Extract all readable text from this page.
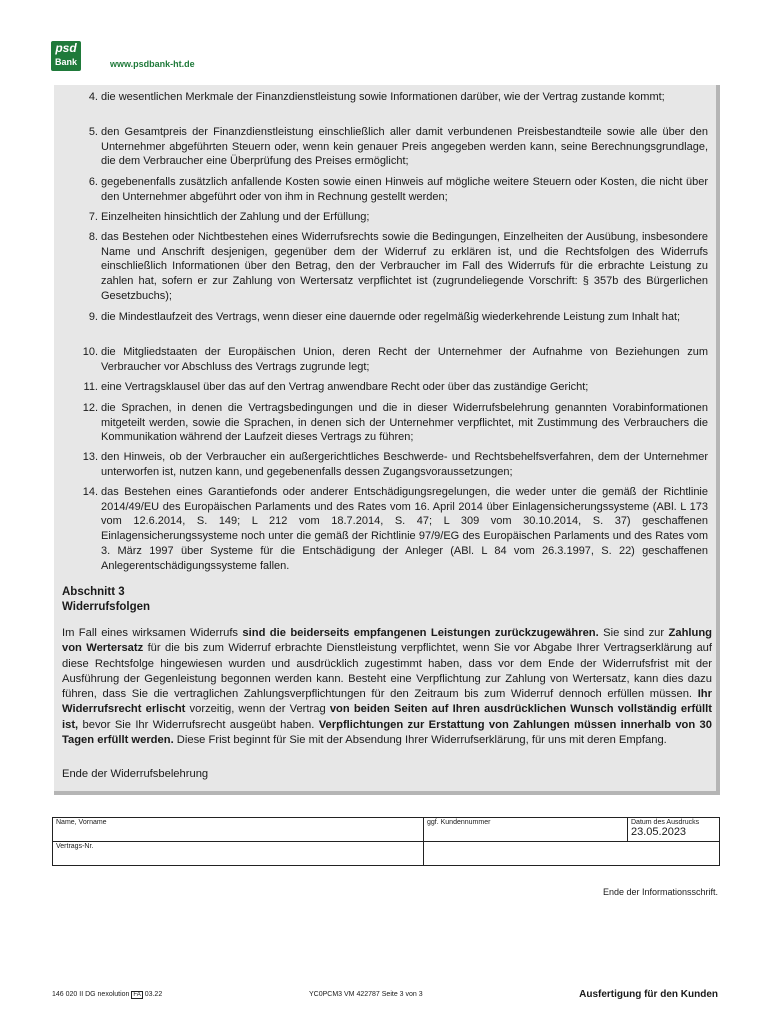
psd
Bank	www.psdbank-ht.de
4. die wesentlichen Merkmale der Finanzdienstleistung sowie Informationen darüber, wie der Vertrag zustande kommt;
5. den Gesamtpreis der Finanzdienstleistung einschließlich aller damit verbundenen Preisbestandteile sowie alle über den Unternehmer abgeführten Steuern oder, wenn kein genauer Preis angegeben werden kann, seine Berechnungsgrundlage, die dem Verbraucher eine Überprüfung des Preises ermöglicht;
6. gegebenenfalls zusätzlich anfallende Kosten sowie einen Hinweis auf mögliche weitere Steuern oder Kosten, die nicht über den Unternehmer abgeführt oder von ihm in Rechnung gestellt werden;
7. Einzelheiten hinsichtlich der Zahlung und der Erfüllung;
8. das Bestehen oder Nichtbestehen eines Widerrufsrechts sowie die Bedingungen, Einzelheiten der Ausübung, insbesondere Name und Anschrift desjenigen, gegenüber dem der Widerruf zu erklären ist, und die Rechtsfolgen des Widerrufs einschließlich Informationen über den Betrag, den der Verbraucher im Fall des Widerrufs für die erbrachte Leistung zu zahlen hat, sofern er zur Zahlung von Wertersatz verpflichtet ist (zugrundeliegende Vorschrift: § 357b des Bürgerlichen Gesetzbuchs);
9. die Mindestlaufzeit des Vertrags, wenn dieser eine dauernde oder regelmäßig wiederkehrende Leistung zum Inhalt hat;
10. die Mitgliedstaaten der Europäischen Union, deren Recht der Unternehmer der Aufnahme von Beziehungen zum Verbraucher vor Abschluss des Vertrags zugrunde legt;
11. eine Vertragsklausel über das auf den Vertrag anwendbare Recht oder über das zuständige Gericht;
12. die Sprachen, in denen die Vertragsbedingungen und die in dieser Widerrufsbelehrung genannten Vorabinformationen mitgeteilt werden, sowie die Sprachen, in denen sich der Unternehmer verpflichtet, mit Zustimmung des Verbrauchers die Kommunikation während der Laufzeit dieses Vertrags zu führen;
13. den Hinweis, ob der Verbraucher ein außergerichtliches Beschwerde- und Rechtsbehelfsverfahren, dem der Unternehmer unterworfen ist, nutzen kann, und gegebenenfalls dessen Zugangsvoraussetzungen;
14. das Bestehen eines Garantiefonds oder anderer Entschädigungsregelungen, die weder unter die gemäß der Richtlinie 2014/49/EU des Europäischen Parlaments und des Rates vom 16. April 2014 über Einlagensicherungssysteme (ABl. L 173 vom 12.6.2014, S. 149; L 212 vom 18.7.2014, S. 47; L 309 vom 30.10.2014, S. 37) geschaffenen Einlagensicherungssysteme noch unter die gemäß der Richtlinie 97/9/EG des Europäischen Parlaments und des Rates vom 3. März 1997 über Systeme für die Entschädigung der Anleger (ABl. L 84 vom 26.3.1997, S. 22) geschaffenen Anlegerentschädigungssysteme fallen.
Abschnitt 3
Widerrufsfolgen
Im Fall eines wirksamen Widerrufs sind die beiderseits empfangenen Leistungen zurückzugewähren. Sie sind zur Zahlung von Wertersatz für die bis zum Widerruf erbrachte Dienstleistung verpflichtet, wenn Sie vor Abgabe Ihrer Vertragserklärung auf diese Rechtsfolge hingewiesen wurden und ausdrücklich zugestimmt haben, dass vor dem Ende der Widerrufsfrist mit der Ausführung der Gegenleistung begonnen werden kann. Besteht eine Verpflichtung zur Zahlung von Wertersatz, kann dies dazu führen, dass Sie die vertraglichen Zahlungsverpflichtungen für den Zeitraum bis zum Widerruf dennoch erfüllen müssen. Ihr Widerrufsrecht erlischt vorzeitig, wenn der Vertrag von beiden Seiten auf Ihren ausdrücklichen Wunsch vollständig erfüllt ist, bevor Sie Ihr Widerrufsrecht ausgeübt haben. Verpflichtungen zur Erstattung von Zahlungen müssen innerhalb von 30 Tagen erfüllt werden. Diese Frist beginnt für Sie mit der Absendung Ihrer Widerrufserklärung, für uns mit deren Empfang.
Ende der Widerrufsbelehrung
Name, Vorname	ggf. Kundennummer	Datum des Ausdrucks
23.05.2023
Vertrags-Nr.
Ende der Informationsschrift.
146 020 II DG nexolution FA 03.22	YC0PCM3 VM 422787 Seite 3 von 3	Ausfertigung für den Kunden
